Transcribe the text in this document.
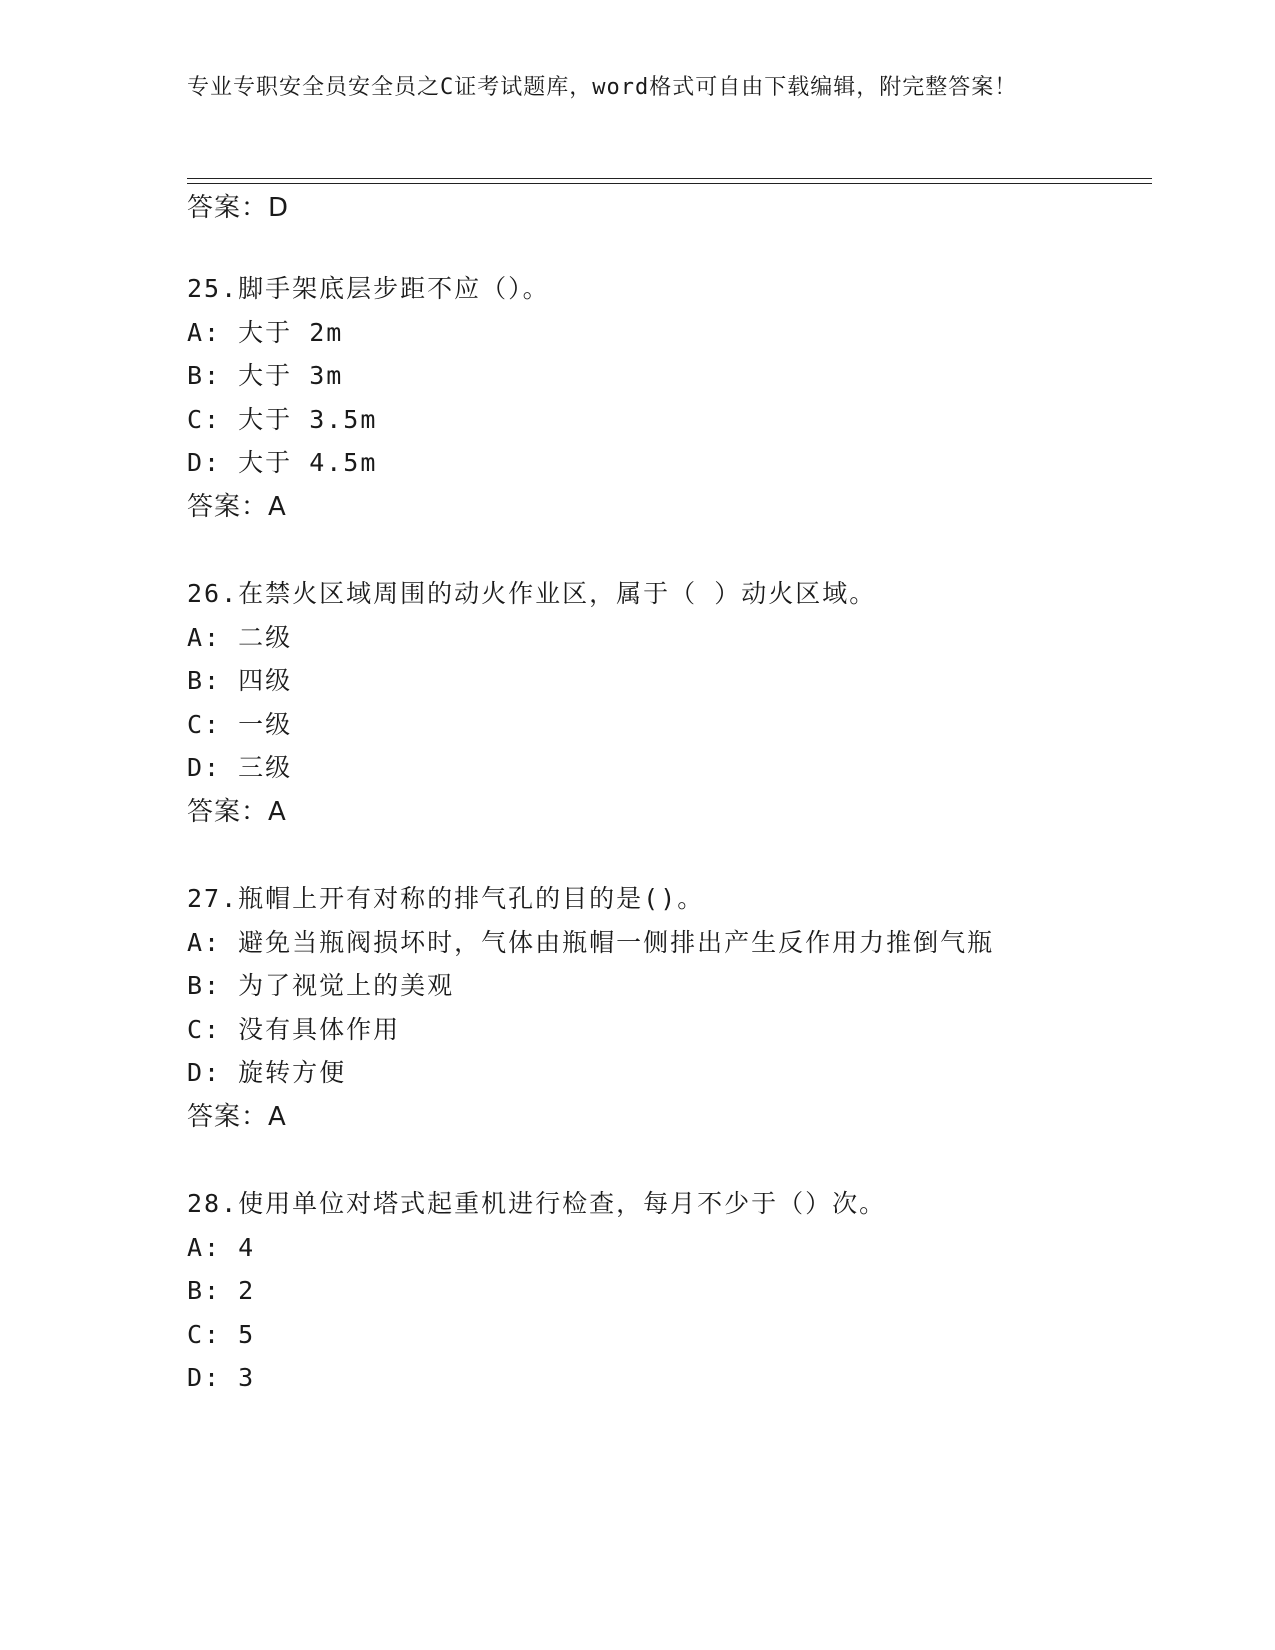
专业专职安全员安全员之C证考试题库，word格式可自由下载编辑，附完整答案！
答案：D
25.脚手架底层步距不应（）。
A: 大于 2m
B: 大于 3m
C: 大于 3.5m
D: 大于 4.5m
答案：A
26.在禁火区域周围的动火作业区，属于（ ）动火区域。
A: 二级
B: 四级
C: 一级
D: 三级
答案：A
27.瓶帽上开有对称的排气孔的目的是()。
A: 避免当瓶阀损坏时，气体由瓶帽一侧排出产生反作用力推倒气瓶
B: 为了视觉上的美观
C: 没有具体作用
D: 旋转方便
答案：A
28.使用单位对塔式起重机进行检查，每月不少于（）次。
A: 4
B: 2
C: 5
D: 3
